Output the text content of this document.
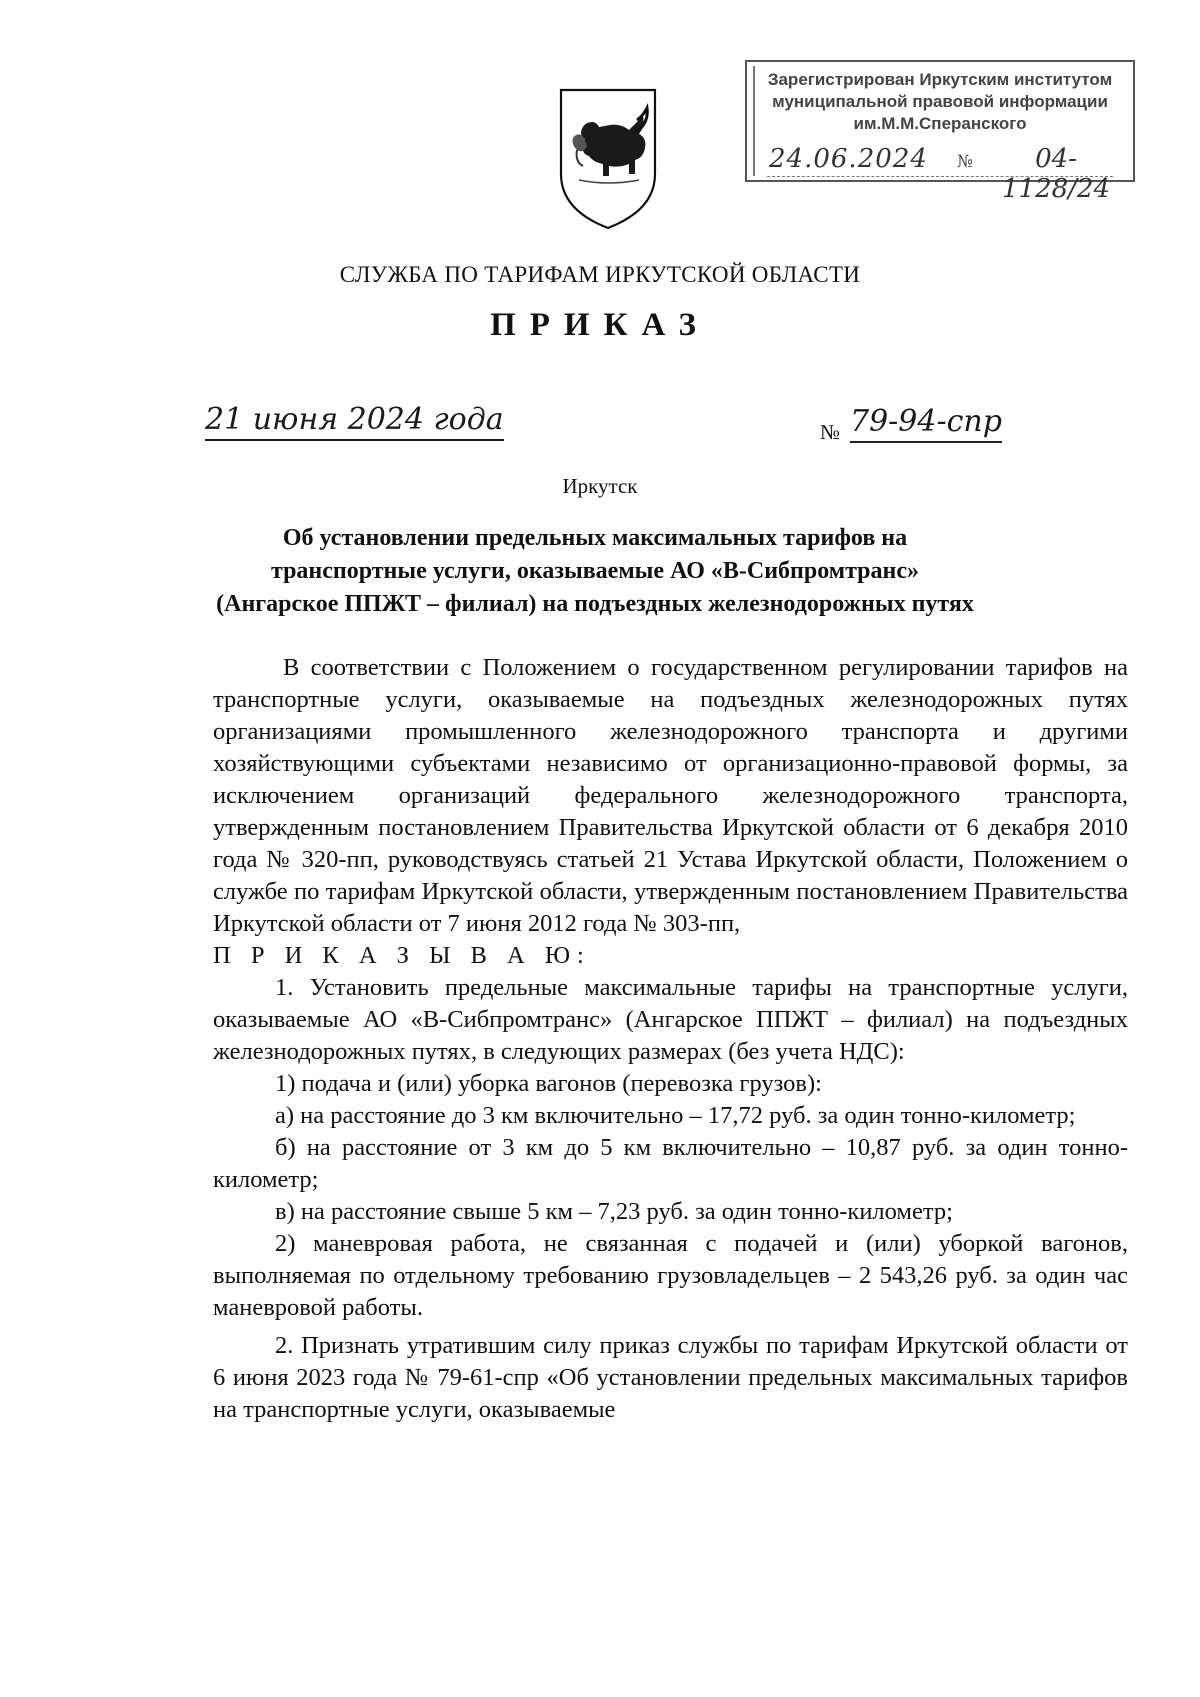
Зарегистрирован Иркутским институтом
муниципальной правовой информации
им.М.М.Сперанского
24.06.2024 №	04-1128/24
СЛУЖБА ПО ТАРИФАМ ИРКУТСКОЙ ОБЛАСТИ
ПРИКАЗ
21 июня 2024 года	№ 79-94-спр
Иркутск
Об установлении предельных максимальных тарифов на транспортные услуги, оказываемые АО «В-Сибпромтранс» (Ангарское ППЖТ – филиал) на подъездных железнодорожных путях

В соответствии с Положением о государственном регулировании тарифов на транспортные услуги, оказываемые на подъездных железнодорожных путях организациями промышленного железнодорожного транспорта и другими хозяйствующими субъектами независимо от организационно-правовой формы, за исключением организаций федерального железнодорожного транспорта, утвержденным постановлением Правительства Иркутской области от 6 декабря 2010 года № 320-пп, руководствуясь статьей 21 Устава Иркутской области, Положением о службе по тарифам Иркутской области, утвержденным постановлением Правительства Иркутской области от 7 июня 2012 года № 303-пп,

П Р И К А З Ы В А Ю:

1. Установить предельные максимальные тарифы на транспортные услуги, оказываемые АО «В-Сибпромтранс» (Ангарское ППЖТ – филиал) на подъездных железнодорожных путях, в следующих размерах (без учета НДС):

1) подача и (или) уборка вагонов (перевозка грузов):

а) на расстояние до 3 км включительно – 17,72 руб. за один тонно-километр;

б) на расстояние от 3 км до 5 км включительно – 10,87 руб. за один тонно-километр;

в) на расстояние свыше 5 км – 7,23 руб. за один тонно-километр;

2) маневровая работа, не связанная с подачей и (или) уборкой вагонов, выполняемая по отдельному требованию грузовладельцев – 2 543,26 руб. за один час маневровой работы.

2. Признать утратившим силу приказ службы по тарифам Иркутской области от 6 июня 2023 года № 79-61-спр «Об установлении предельных максимальных тарифов на транспортные услуги, оказываемые
